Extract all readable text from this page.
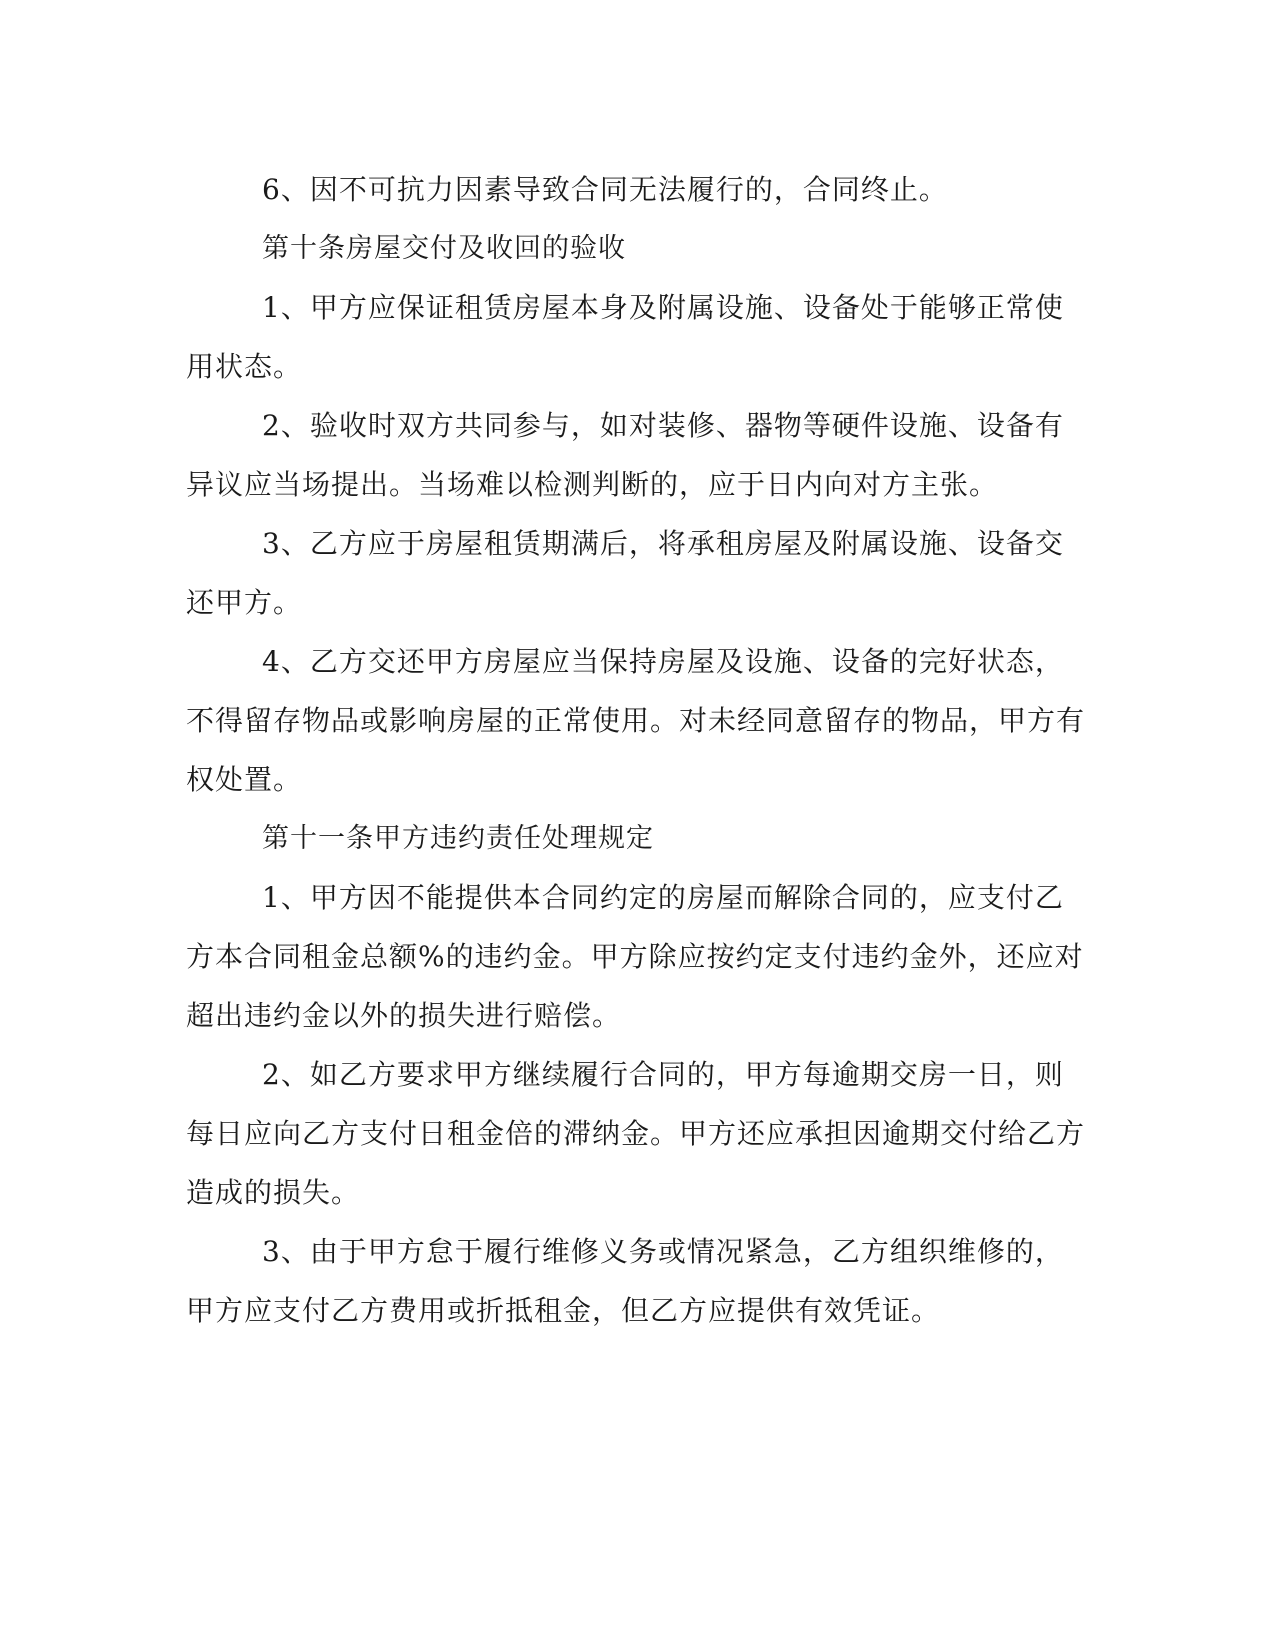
6、因不可抗力因素导致合同无法履行的，合同终止。

第十条房屋交付及收回的验收

1、甲方应保证租赁房屋本身及附属设施、设备处于能够正常使用状态。

2、验收时双方共同参与，如对装修、器物等硬件设施、设备有异议应当场提出。当场难以检测判断的，应于日内向对方主张。

3、乙方应于房屋租赁期满后，将承租房屋及附属设施、设备交还甲方。

4、乙方交还甲方房屋应当保持房屋及设施、设备的完好状态，不得留存物品或影响房屋的正常使用。对未经同意留存的物品，甲方有权处置。

第十一条甲方违约责任处理规定

1、甲方因不能提供本合同约定的房屋而解除合同的，应支付乙方本合同租金总额%的违约金。甲方除应按约定支付违约金外，还应对超出违约金以外的损失进行赔偿。

2、如乙方要求甲方继续履行合同的，甲方每逾期交房一日，则每日应向乙方支付日租金倍的滞纳金。甲方还应承担因逾期交付给乙方造成的损失。

3、由于甲方怠于履行维修义务或情况紧急，乙方组织维修的，甲方应支付乙方费用或折抵租金，但乙方应提供有效凭证。
